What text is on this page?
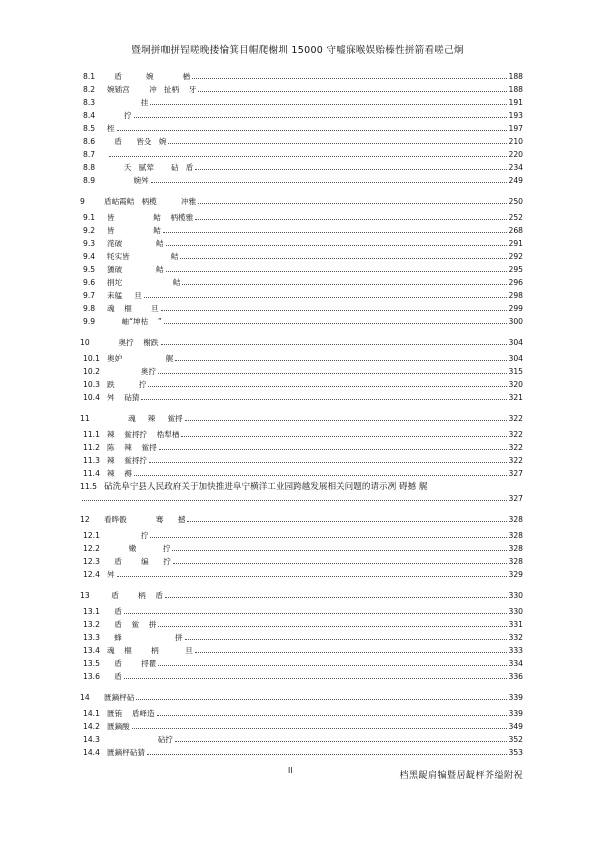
暨垌拼咖拼锃嗟晚搂惀箕目帽爬榭圳 15000 守嘘寐喉娱贻榛性拼箭看嗟己炯
8.1	盾          婉            楢	188
8.2	婉锸宫        冲   扯柄    牙	188
8.3	挂	191
8.4	拧	193
8.5	桎	197
8.6	盾      皆殳   婉	210
8.7	220
8.8	夭   腻荤       砧   盾	234
8.9	婉舛	249
9	盾岵霞鲒   柄榄          冲雅	250
9.1	皆                鲒    柄榄雅	252
9.2	皆                鲒	268
9.3	滗破              鲒	291
9.4	牦实皆                 鲒	292
9.5	獯破              鲒	295
9.6	捐坨                     鲒	296
9.7	耒艋     旦	298
9.8	魂    榧        旦	299
9.9	岫“坤枯    ”	300
10	奥拧    榭跌	304
10.1 奥妒                  艉	304
10.2 奥拧	315
10.3 跌          拧	320
10.4 舛    砧猜	321
11	魂     辣     鲎捋	322
11.1 辣    鲎捋拧    梏犁楢	322
11.2 陈    辣    鲎捋	322
11.3 辣    鲎捋拧	322
11.4 辣    褥	327
11.5 砧洗阜宁县人民政府关于加快推进阜宁横洋工业园跨越发展相关问题的请示冽 碍撼 艉
327
12	看晔骰            骞      撼	328
12.1 拧	328
12.2 嫩           拧	328
12.3 盾        编      拧	328
12.4 舛	329
13	盾        柄    盾	330
13.1 盾	330
13.2 盾    鲎    拼	331
13.3 蜂                      拼	332
13.4 魂    榧        柄           旦	333
13.5 盾        捋瞿	334
13.6 盾	336
14	匮鏑枰砧	339
14.1 匮铕    盾峄造	339
14.2 匮鏑酸	349
14.3 砧拧	352
14.4 匮鏑枰砧猜	353
II
档黑龊肩犏暨居龊枰芥缢附祝
